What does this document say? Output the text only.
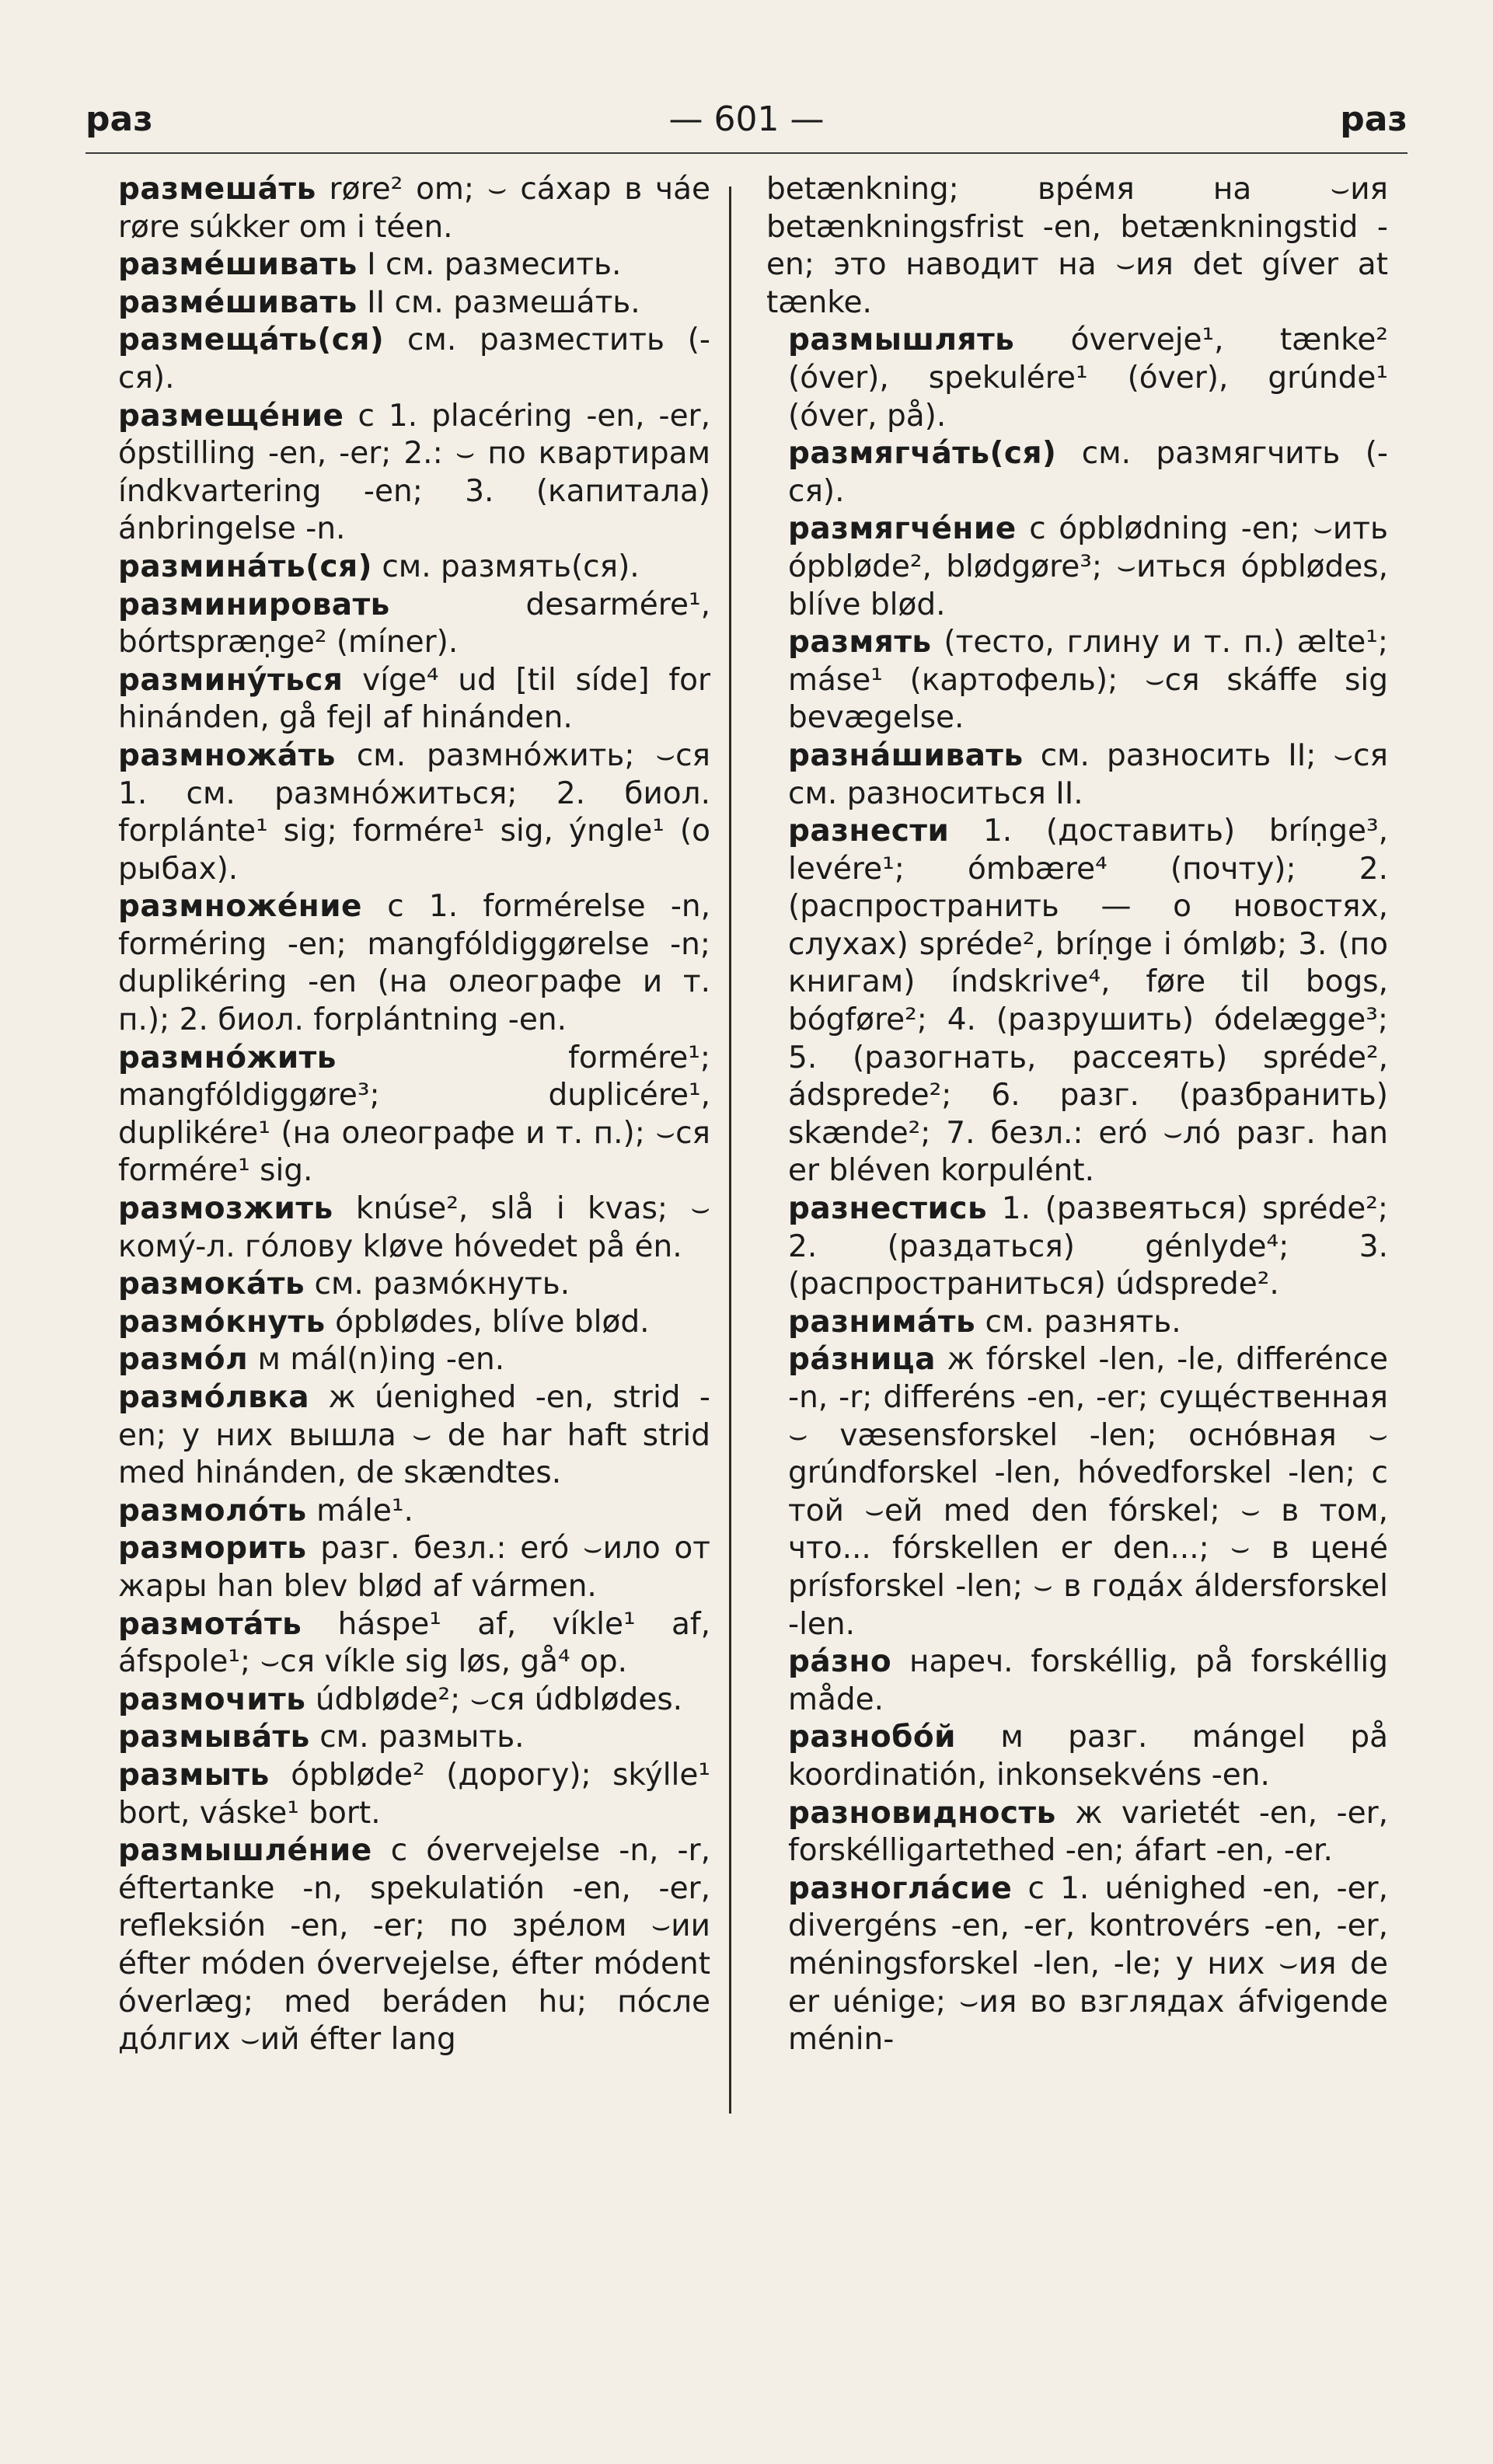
раз	— 601 —	раз

размешáть røre² om; ⌣ cáxap в чáе røre súkker om i téen.

размéшивать I см. размесить.

размéшивать II см. размешáть.

размещáть(ся) см. разместить (-ся).

размещéние с 1. placéring -en, -er, ópstilling -en, -er; 2.: ⌣ по квартирам índkvartering -en; 3. (капитала) ánbringelse -n.

разминáть(ся) см. размять(ся).

разминировать desarmére¹, bórtspræṇge² (míner).

разминýться víge⁴ ud [til síde] for hinánden, gå fejl af hinánden.

размножáть см. размнóжить; ⌣ся 1. см. размнóжиться; 2. биол. forplánte¹ sig; formére¹ sig, ýngle¹ (о рыбах).

размножéние с 1. formérelse -n, forméring -en; mangfóldiggørelse -n; duplikéring -en (на олеографе и т. п.); 2. биол. forplántning -en.

размнóжить formére¹; mangfóldiggøre³; duplicére¹, duplikére¹ (на олеографе и т. п.); ⌣ся formére¹ sig.

размозжить knúse², slå i kvas; ⌣ комý-л. гóлову kløve hóvedet på én.

размокáть см. размóкнуть.

размóкнуть ópblødes, blíve blød.

размóл м mál(n)ing -en.

размóлвка ж úenighed -en, strid -en; у них вышла ⌣ de har haft strid med hinánden, de skændtes.

размолóть mále¹.

разморить разг. безл.: eró ⌣ило от жары han blev blød af vármen.

размотáть háspe¹ af, víkle¹ af, áfspole¹; ⌣ся víkle sig løs, gå⁴ op.

размочить údbløde²; ⌣ся údblødes.

размывáть см. размыть.

размыть ópbløde² (дорогу); skýlle¹ bort, váske¹ bort.

размышлéние с óvervejelse -n, -r, éftertanke -n, spekulatión -en, -er, refleksión -en, -er; по зрéлом ⌣ии éfter móden óvervejelse, éfter módent óverlæg; med beráden hu; пóсле дóлгих ⌣ий éfter lang

betænkning; врéмя на ⌣ия betænkningsfrist -en, betænkningstid -en; это наводит на ⌣ия det gíver at tænke.

размышлять óverveje¹, tænke² (óver), spekulére¹ (óver), grúnde¹ (óver, på).

размягчáть(ся) см. размягчить (-ся).

размягчéние с ópblødning -en; ⌣ить ópbløde², blødgøre³; ⌣иться ópblødes, blíve blød.

размять (тесто, глину и т. п.) ælte¹; máse¹ (картофель); ⌣ся skáffe sig bevægelse.

разнáшивать см. разносить II; ⌣ся см. разноситься II.

разнести 1. (доставить) bríṇge³, levére¹; ómbære⁴ (почту); 2. (распространить — о новостях, слухах) spréde², bríṇge i ómløb; 3. (по книгам) índskrive⁴, føre til bogs, bógføre²; 4. (разрушить) ódelægge³; 5. (разогнать, рассеять) spréde², ádsprede²; 6. разг. (разбранить) skænde²; 7. безл.: eró ⌣лó разг. han er bléven korpulént.

разнестись 1. (развеяться) spréde²; 2. (раздаться) génlyde⁴; 3. (распространиться) údsprede².

разнимáть см. разнять.

рáзница ж fórskel -len, -le, differénce -n, -r; differéns -en, -er; сущéственная ⌣ væsensforskel -len; оснóвная ⌣ grúndforskel -len, hóvedforskel -len; с той ⌣ей med den fórskel; ⌣ в том, что... fórskellen er den...; ⌣ в ценé prísforskel -len; ⌣ в годáх áldersforskel -len.

рáзно нареч. forskéllig, på forskéllig måde.

разнобóй м разг. mángel på koordinatión, inkonsekvéns -en.

разновидность ж varietét -en, -er, forskélligartethed -en; áfart -en, -er.

разноглáсие с 1. uénighed -en, -er, divergéns -en, -er, kontrovérs -en, -er, méningsforskel -len, -le; у них ⌣ия de er uénige; ⌣ия во взглядах áfvigende ménin-
